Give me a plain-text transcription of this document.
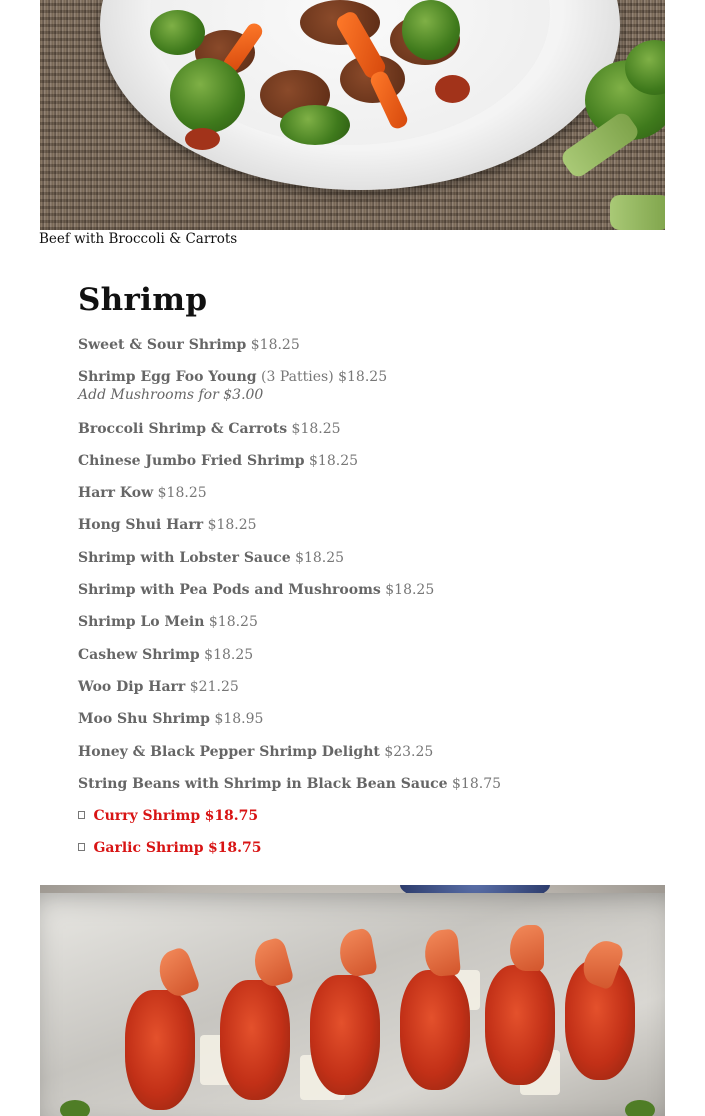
Beef with Broccoli & Carrots
Shrimp
Sweet & Sour Shrimp $18.25
Shrimp Egg Foo Young (3 Patties) $18.25
Add Mushrooms for $3.00
Broccoli Shrimp & Carrots $18.25
Chinese Jumbo Fried Shrimp $18.25
Harr Kow $18.25
Hong Shui Harr $18.25
Shrimp with Lobster Sauce $18.25
Shrimp with Pea Pods and Mushrooms $18.25
Shrimp Lo Mein $18.25
Cashew Shrimp $18.25
Woo Dip Harr $21.25
Moo Shu Shrimp $18.95
Honey & Black Pepper Shrimp Delight $23.25
String Beans with Shrimp in Black Bean Sauce $18.75
Curry Shrimp $18.75
Garlic Shrimp $18.75
